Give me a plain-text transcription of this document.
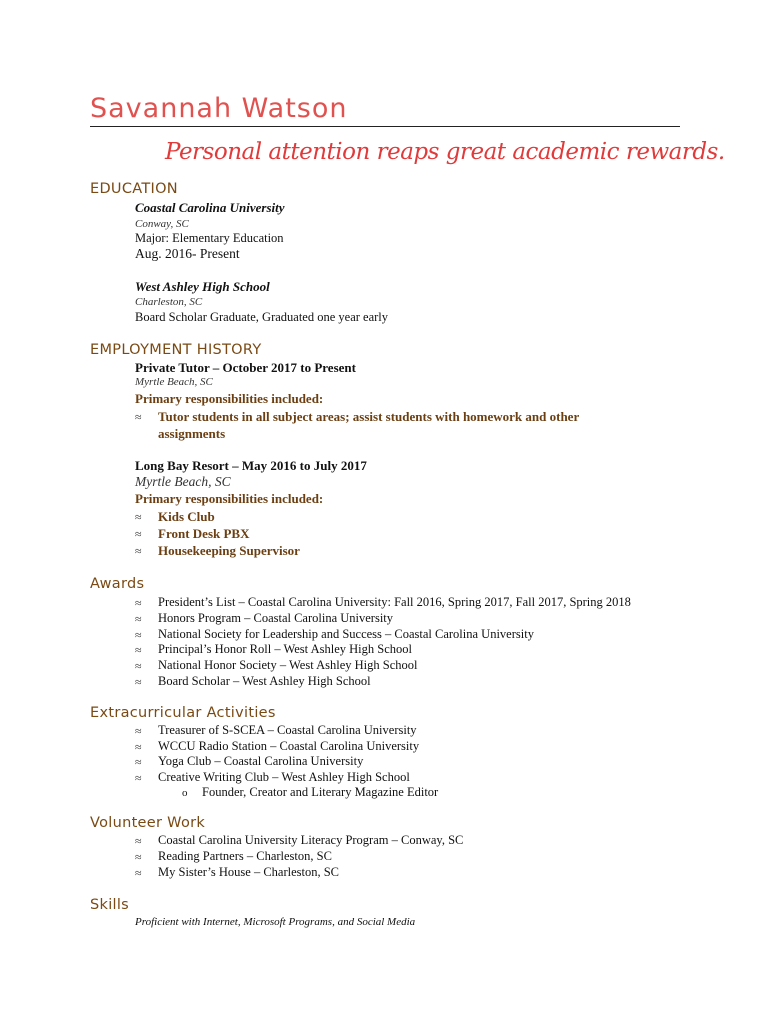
Savannah Watson
Personal attention reaps great academic rewards.
EDUCATION
Coastal Carolina University
Conway, SC
Major: Elementary Education
Aug. 2016- Present
West Ashley High School
Charleston, SC
Board Scholar Graduate, Graduated one year early
EMPLOYMENT HISTORY
Private Tutor – October 2017 to Present
Myrtle Beach, SC
Primary responsibilities included:
≈ Tutor students in all subject areas; assist students with homework and other
assignments
Long Bay Resort – May 2016 to July 2017
Myrtle Beach, SC
Primary responsibilities included:
≈ Kids Club
≈ Front Desk PBX
≈ Housekeeping Supervisor
Awards
≈ President’s List – Coastal Carolina University: Fall 2016, Spring 2017, Fall 2017, Spring 2018
≈ Honors Program – Coastal Carolina University
≈ National Society for Leadership and Success – Coastal Carolina University
≈ Principal’s Honor Roll – West Ashley High School
≈ National Honor Society – West Ashley High School
≈ Board Scholar – West Ashley High School
Extracurricular Activities
≈ Treasurer of S-SCEA – Coastal Carolina University
≈ WCCU Radio Station – Coastal Carolina University
≈ Yoga Club – Coastal Carolina University
≈ Creative Writing Club – West Ashley High School
o Founder, Creator and Literary Magazine Editor
Volunteer Work
≈ Coastal Carolina University Literacy Program – Conway, SC
≈ Reading Partners – Charleston, SC
≈ My Sister’s House – Charleston, SC
Skills
Proficient with Internet, Microsoft Programs, and Social Media
